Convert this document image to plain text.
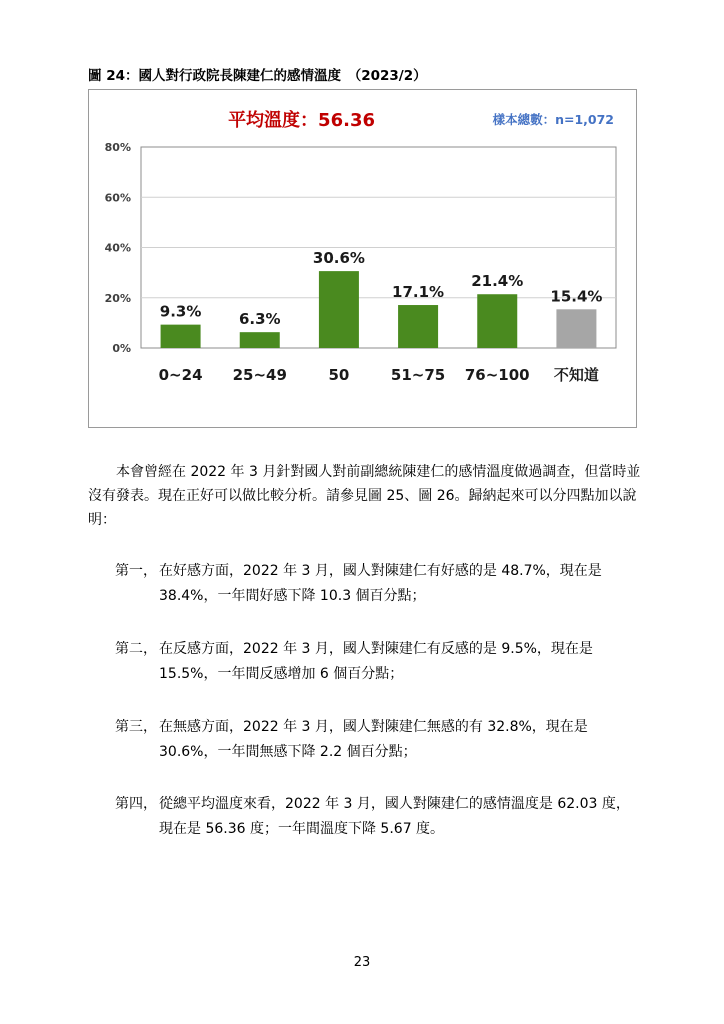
圖 24：國人對行政院長陳建仁的感情溫度　（2023/2）
平均溫度：56.36	樣本總數：n=1,072
0%
20%
40%
60%
80%
9.3%
0~24
6.3%
25~49
30.6%
50
17.1%
51~75
21.4%
76~100
15.4%
不知道
本會曾經在 2022 年 3 月針對國人對前副總統陳建仁的感情溫度做過調查，但當時並沒有發表。現在正好可以做比較分析。請參見圖 25、圖 26。歸納起來可以分四點加以說明：
第一， 在好感方面，2022 年 3 月，國人對陳建仁有好感的是 48.7%，現在是 38.4%，一年間好感下降 10.3 個百分點；
第二， 在反感方面，2022 年 3 月，國人對陳建仁有反感的是 9.5%，現在是 15.5%，一年間反感增加 6 個百分點；
第三， 在無感方面，2022 年 3 月，國人對陳建仁無感的有 32.8%，現在是 30.6%，一年間無感下降 2.2 個百分點；
第四， 從總平均溫度來看，2022 年 3 月，國人對陳建仁的感情溫度是 62.03 度，現在是 56.36 度；一年間溫度下降 5.67 度。
23
